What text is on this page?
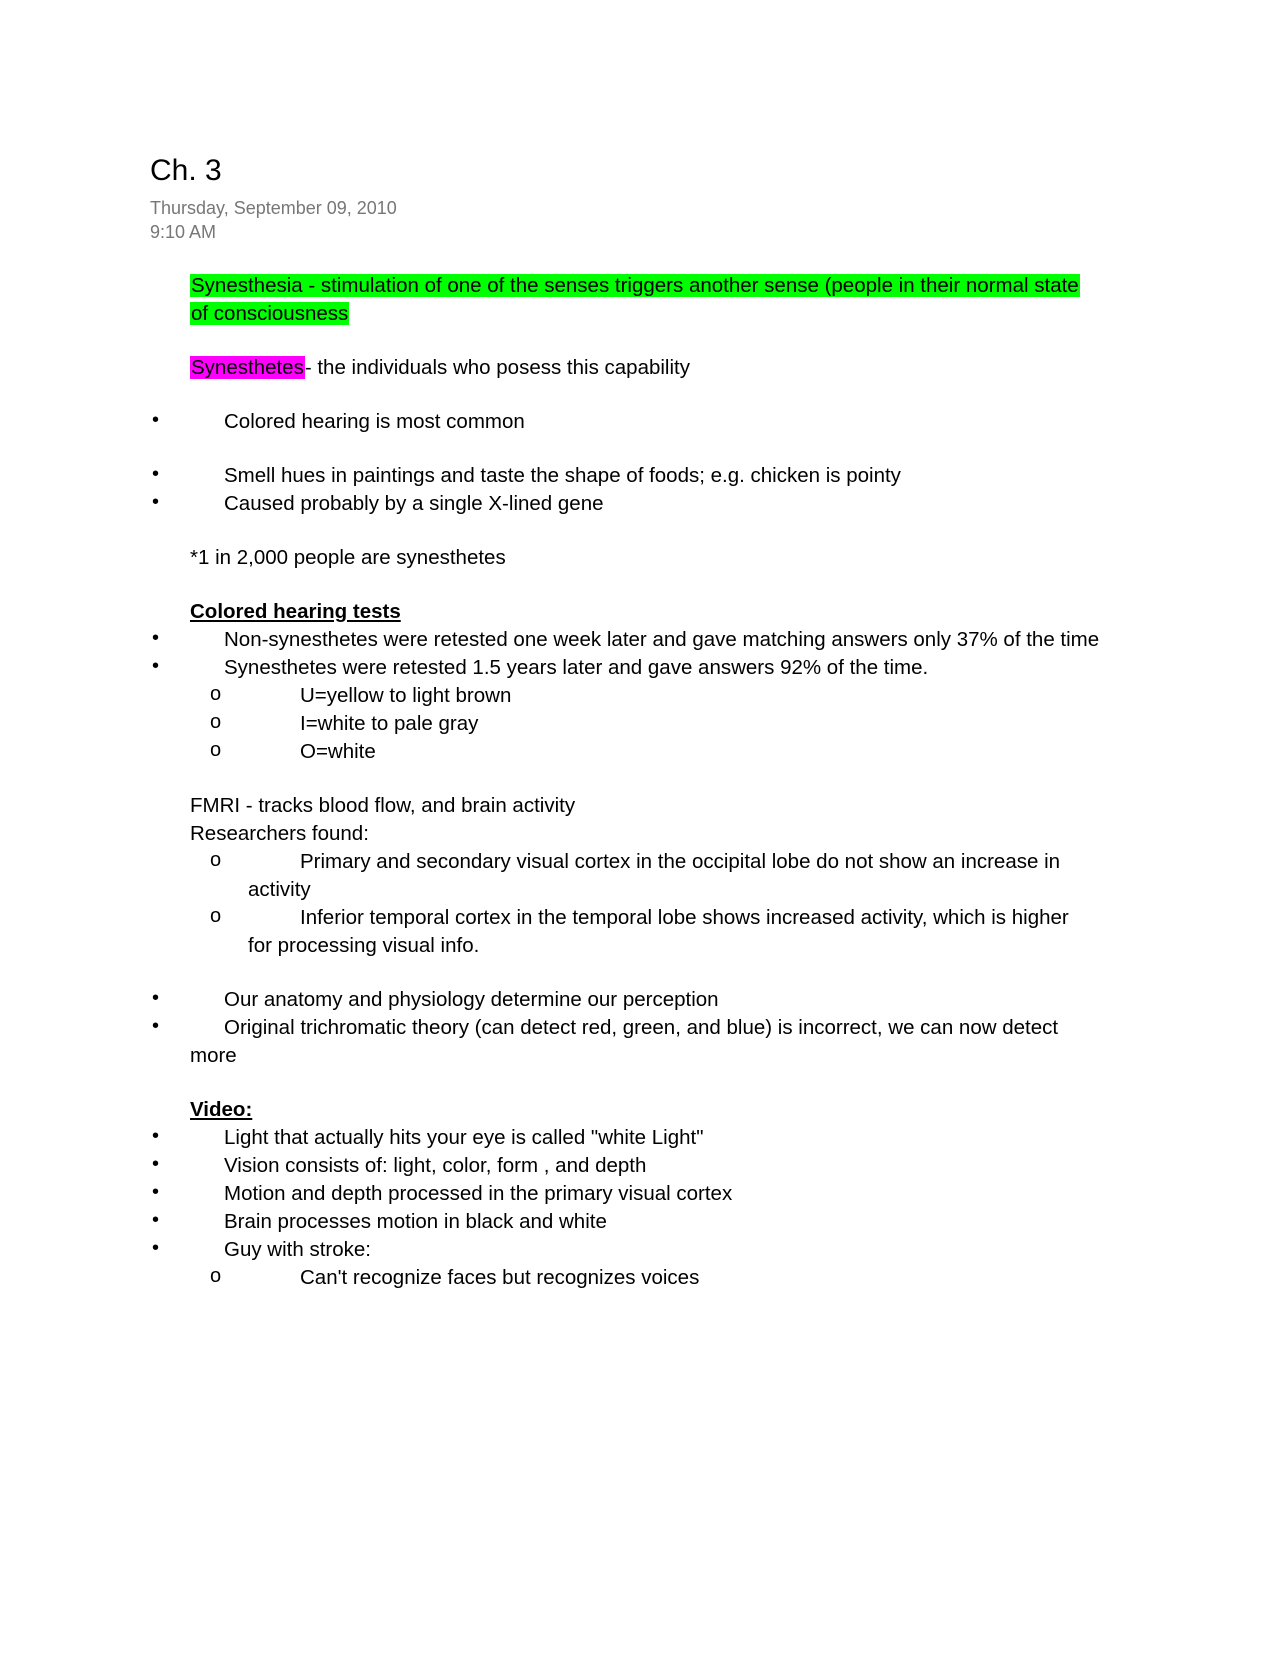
Ch. 3
Thursday, September 09, 2010
9:10 AM
Synesthesia - stimulation of one of the senses triggers another sense (people in their normal state
of consciousness
Synesthetes- the individuals who posess this capability
•	Colored hearing is most common
•	Smell hues in paintings and taste the shape of foods; e.g. chicken is pointy
•	Caused probably by a single X-lined gene
*1 in 2,000 people are synesthetes
Colored hearing tests
•	Non-synesthetes were retested one week later and gave matching answers only 37% of the time
•	Synesthetes were retested 1.5 years later and gave answers 92% of the time.
o	U=yellow to light brown
o	I=white to pale gray
o	O=white
FMRI - tracks blood flow, and brain activity
Researchers found:
o	Primary and secondary visual cortex in the occipital lobe do not show an increase in
activity
o	Inferior temporal cortex in the temporal lobe shows increased activity, which is higher
for processing visual info.
•	Our anatomy and physiology determine our perception
•	Original trichromatic theory (can detect red, green, and blue) is incorrect, we can now detect
more
Video:
•	Light that actually hits your eye is called "white Light"
•	Vision consists of: light, color, form , and depth
•	Motion and depth processed in the primary visual cortex
•	Brain processes motion in black and white
•	Guy with stroke:
o	Can't recognize faces but recognizes voices
